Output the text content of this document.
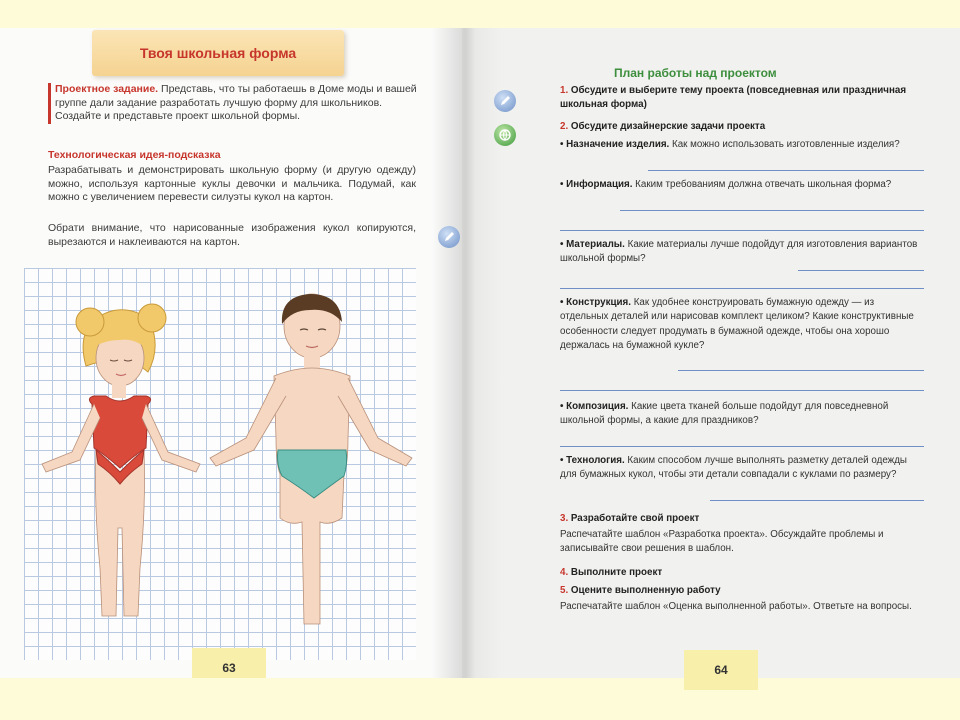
Твоя школьная форма

Проектное задание. Представь, что ты работаешь в Доме моды и вашей группе дали задание разработать лучшую форму для школьников. Создайте и представьте проект школьной формы.

Технологическая идея-подсказка

Разрабатывать и демонстрировать школьную форму (и другую одежду) можно, используя картонные куклы девочки и мальчика. Подумай, как можно с увеличением перевести силуэты кукол на картон.

Обрати внимание, что нарисованные изображения кукол копируются, вырезаются и наклеиваются на картон.

63

План работы над проектом

1. Обсудите и выберите тему проекта (повседневная или праздничная школьная форма)

2. Обсудите дизайнерские задачи проекта

• Назначение изделия. Как можно использовать изготовленные изделия?

• Информация. Каким требованиям должна отвечать школьная форма?

• Материалы. Какие материалы лучше подойдут для изготовления вариантов школьной формы?

• Конструкция. Как удобнее конструировать бумажную одежду — из отдельных деталей или нарисовав комплект целиком? Какие конструктивные особенности следует продумать в бумажной одежде, чтобы она хорошо держалась на бумажной кукле?

• Композиция. Какие цвета тканей больше подойдут для повседневной школьной формы, а какие для праздников?

• Технология. Каким способом лучше выполнять разметку деталей одежды для бумажных кукол, чтобы эти детали совпадали с куклами по размеру?

3. Разработайте свой проект

Распечатайте шаблон «Разработка проекта». Обсуждайте проблемы и записывайте свои решения в шаблон.

4. Выполните проект

5. Оцените выполненную работу

Распечатайте шаблон «Оценка выполненной работы». Ответьте на вопросы.

64
